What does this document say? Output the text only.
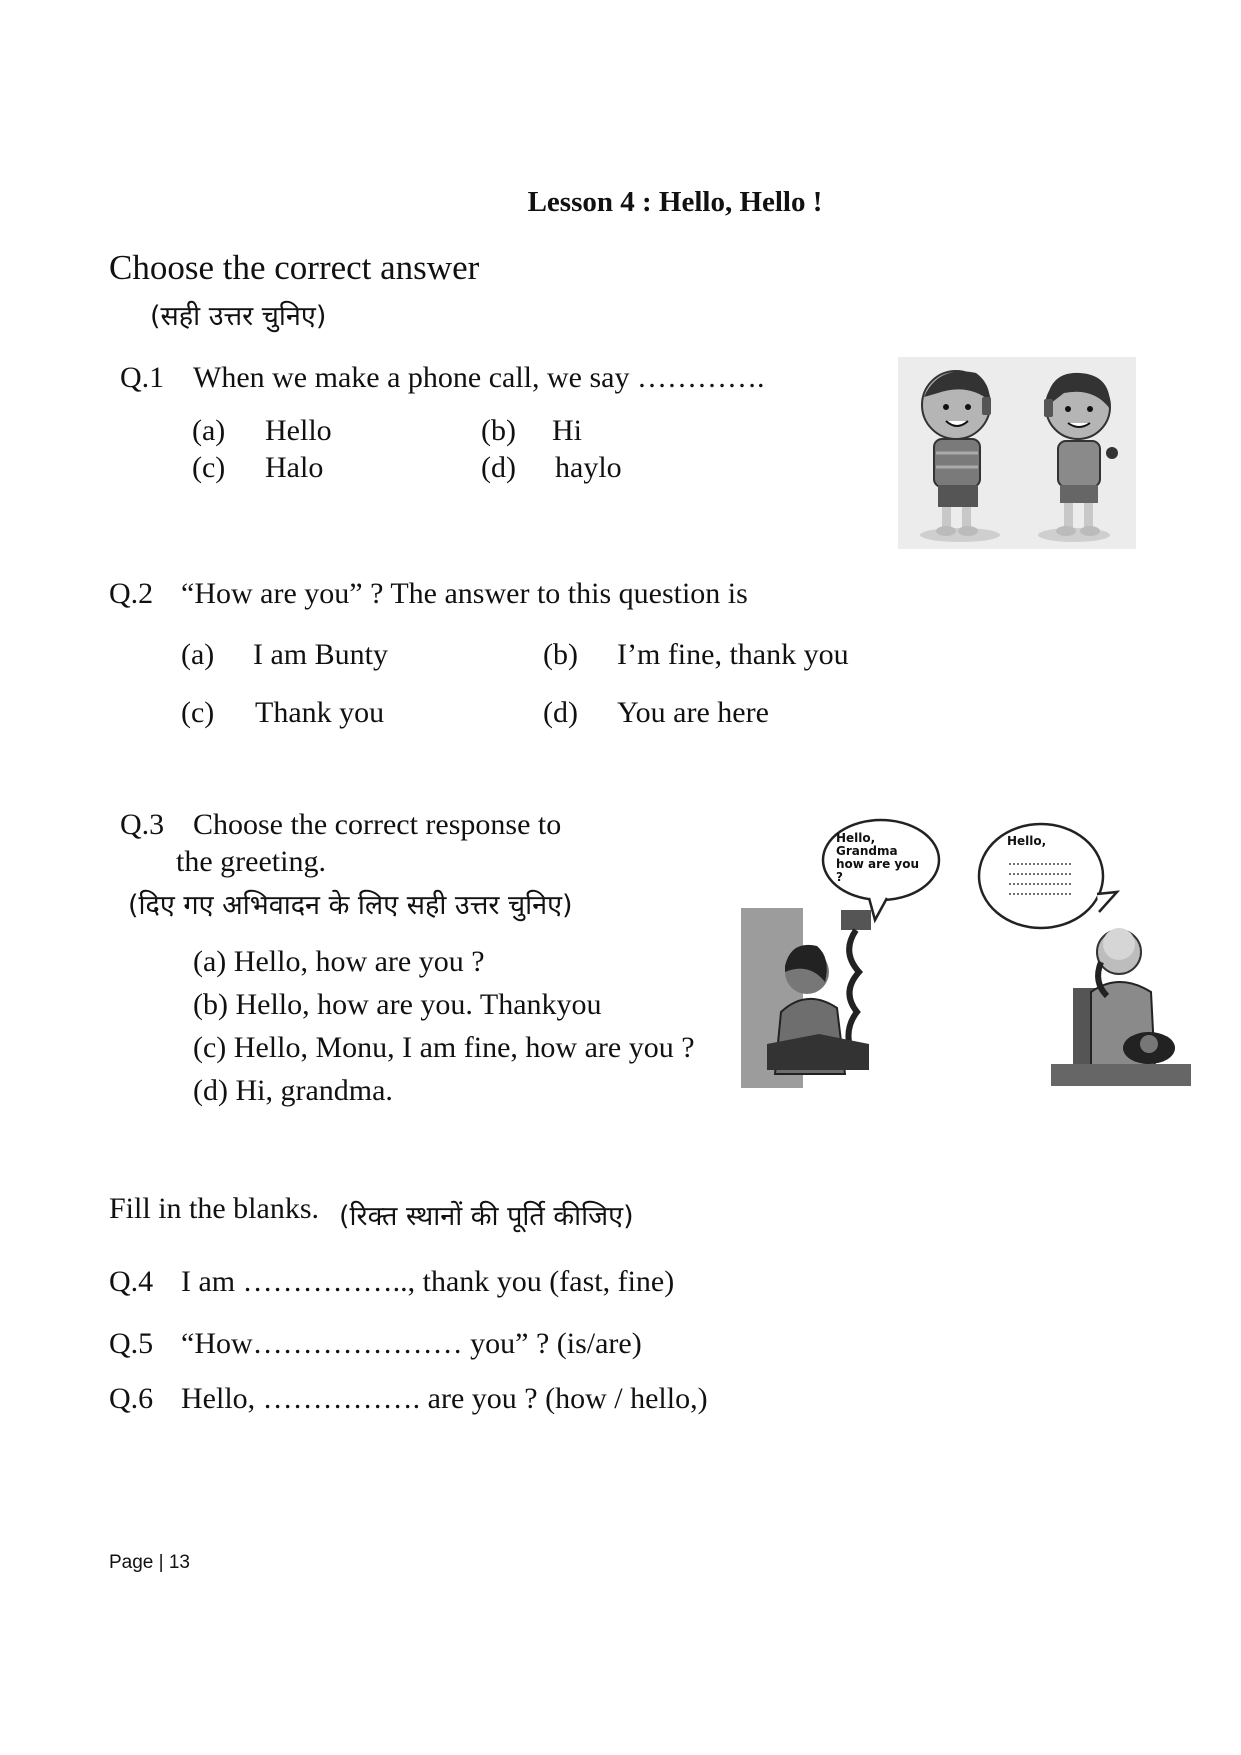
Lesson 4 : Hello, Hello !
Choose the correct answer
(सही उत्तर चुनिए)
Q.1 When we make a phone call, we say ………….
(a) Hello	(b) Hi
(c) Halo	(d) haylo
Q.2 “How are you” ? The answer to this question is
(a) I am Bunty	(b) I’m fine, thank you
(c) Thank you	(d) You are here
Q.3 Choose the correct response to
the greeting.
(दिए गए अभिवादन के लिए सही उत्तर चुनिए)
(a) Hello, how are you ?
(b) Hello, how are you. Thankyou
(c) Hello, Monu, I am fine, how are you ?
(d) Hi, grandma.
Hello, Grandma how are you ?
Hello,
Fill in the blanks. (रिक्त स्थानों की पूर्ति कीजिए)
Q.4 I am …………….., thank you (fast, fine)
Q.5 “How………………… you” ? (is/are)
Q.6 Hello, ……………. are you ? (how / hello,)
Page | 13
